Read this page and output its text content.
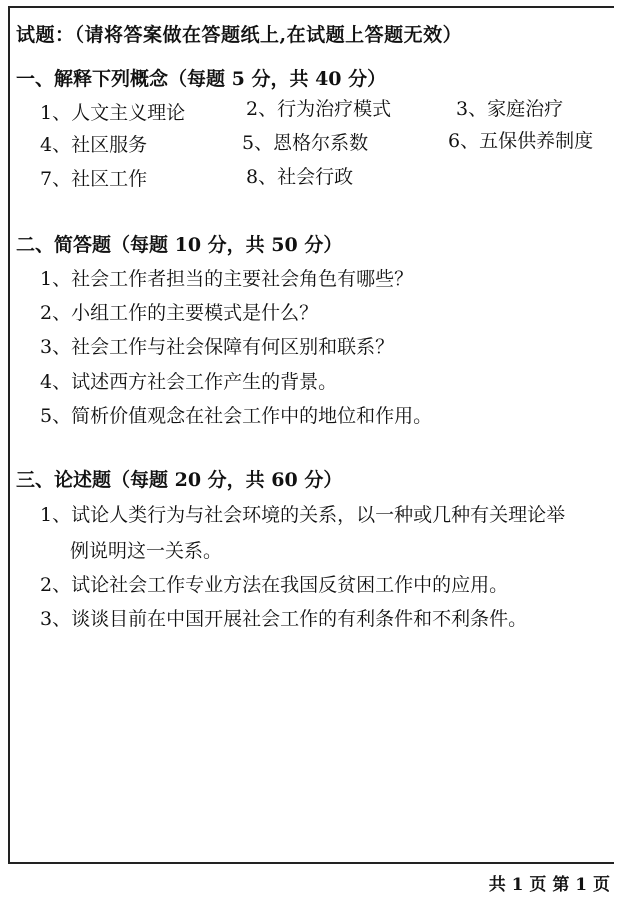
试题：（请将答案做在答题纸上,在试题上答题无效）
一、解释下列概念（每题 5 分，共 40 分）
1、人文主义理论	2、行为治疗模式	3、家庭治疗
4、社区服务	5、恩格尔系数	6、五保供养制度
7、社区工作	8、社会行政
二、简答题（每题 10 分，共 50 分）
1、社会工作者担当的主要社会角色有哪些？
2、小组工作的主要模式是什么？
3、社会工作与社会保障有何区别和联系？
4、试述西方社会工作产生的背景。
5、简析价值观念在社会工作中的地位和作用。
三、论述题（每题 20 分，共 60 分）
1、试论人类行为与社会环境的关系，以一种或几种有关理论举
例说明这一关系。
2、试论社会工作专业方法在我国反贫困工作中的应用。
3、谈谈目前在中国开展社会工作的有利条件和不利条件。
共 1 页 第 1 页
